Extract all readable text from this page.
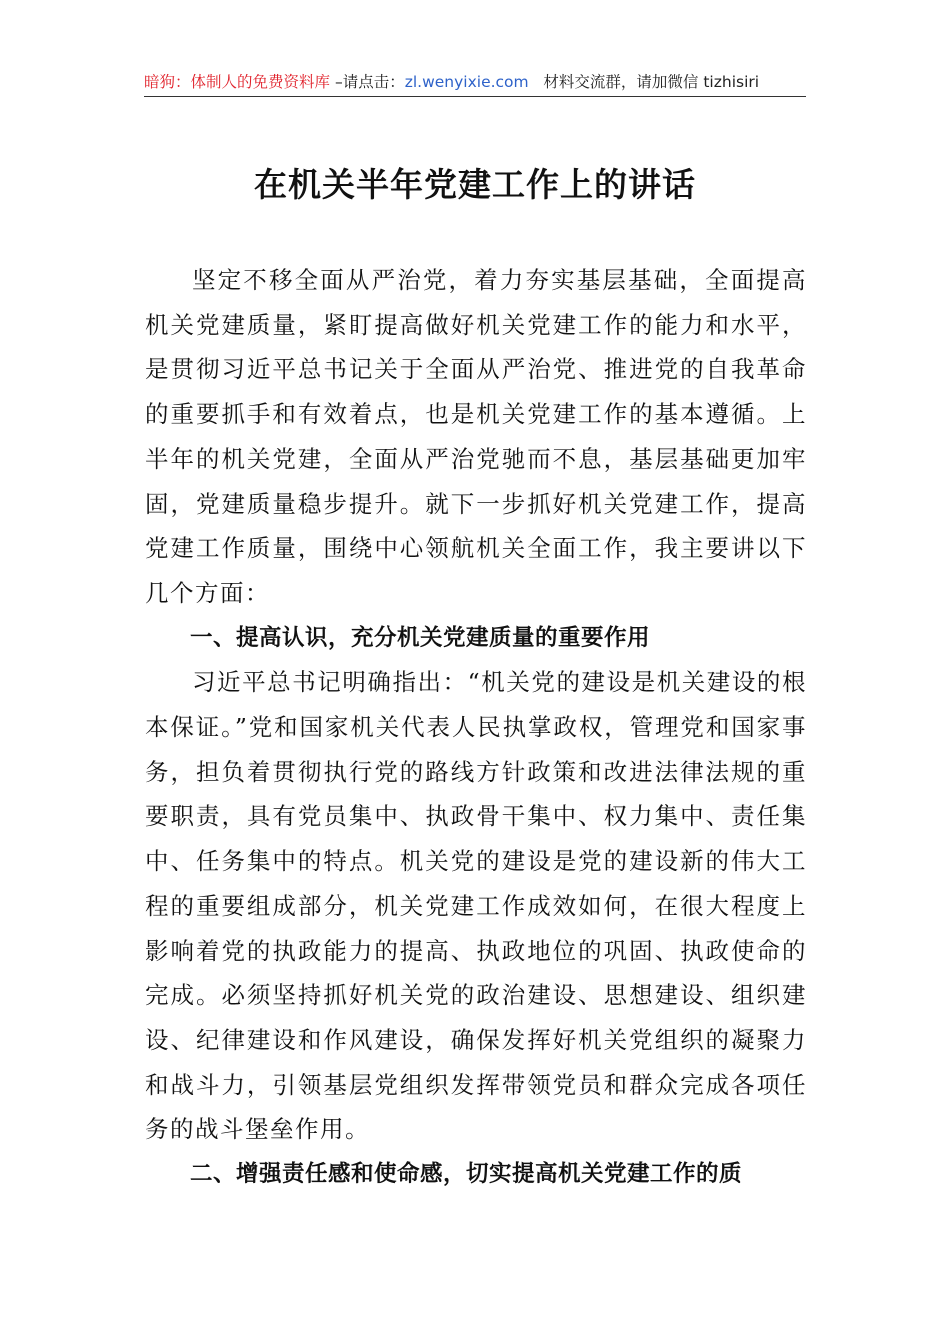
暗狗：体制人的免费资料库 –请点击：zl.wenyixie.com 材料交流群，请加微信 tizhisiri
在机关半年党建工作上的讲话

坚定不移全面从严治党，着力夯实基层基础，全面提高机关党建质量，紧盯提高做好机关党建工作的能力和水平，是贯彻习近平总书记关于全面从严治党、推进党的自我革命的重要抓手和有效着点，也是机关党建工作的基本遵循。上半年的机关党建，全面从严治党驰而不息，基层基础更加牢固，党建质量稳步提升。就下一步抓好机关党建工作，提高党建工作质量，围绕中心领航机关全面工作，我主要讲以下几个方面：

一、提高认识，充分机关党建质量的重要作用

习近平总书记明确指出：“机关党的建设是机关建设的根本保证。”党和国家机关代表人民执掌政权，管理党和国家事务，担负着贯彻执行党的路线方针政策和改进法律法规的重要职责，具有党员集中、执政骨干集中、权力集中、责任集中、任务集中的特点。机关党的建设是党的建设新的伟大工程的重要组成部分，机关党建工作成效如何，在很大程度上影响着党的执政能力的提高、执政地位的巩固、执政使命的完成。必须坚持抓好机关党的政治建设、思想建设、组织建设、纪律建设和作风建设，确保发挥好机关党组织的凝聚力和战斗力，引领基层党组织发挥带领党员和群众完成各项任务的战斗堡垒作用。

二、增强责任感和使命感，切实提高机关党建工作的质
